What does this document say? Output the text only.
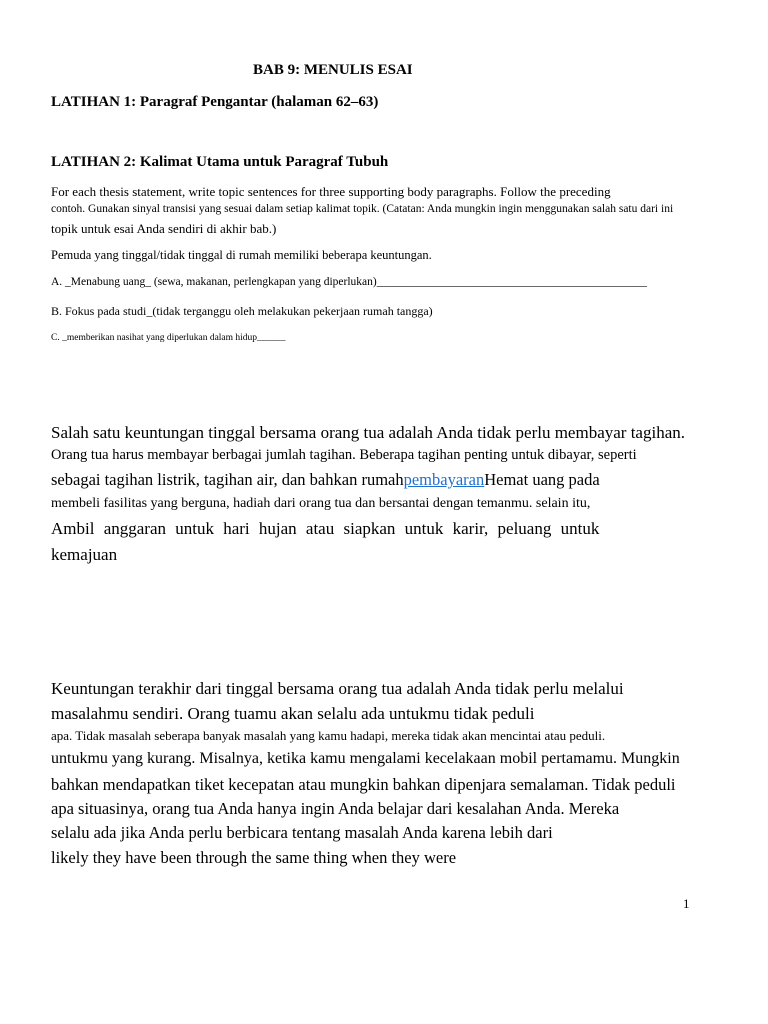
BAB 9: MENULIS ESAI
LATIHAN 1: Paragraf Pengantar (halaman 62–63)
LATIHAN 2: Kalimat Utama untuk Paragraf Tubuh
For each thesis statement, write topic sentences for three supporting body paragraphs. Follow the preceding
contoh. Gunakan sinyal transisi yang sesuai dalam setiap kalimat topik. (Catatan: Anda mungkin ingin menggunakan salah satu dari ini
topik untuk esai Anda sendiri di akhir bab.)
Pemuda yang tinggal/tidak tinggal di rumah memiliki beberapa keuntungan.
A. _Menabung uang_ (sewa, makanan, perlengkapan yang diperlukan)_______________________________________________
B. Fokus pada studi_(tidak terganggu oleh melakukan pekerjaan rumah tangga)
C. _memberikan nasihat yang diperlukan dalam hidup______
Salah satu keuntungan tinggal bersama orang tua adalah Anda tidak perlu membayar tagihan.
Orang tua harus membayar berbagai jumlah tagihan. Beberapa tagihan penting untuk dibayar, seperti
sebagai tagihan listrik, tagihan air, dan bahkan rumahpembayaranHemat uang pada
membeli fasilitas yang berguna, hadiah dari orang tua dan bersantai dengan temanmu. selain itu,
Ambil anggaran untuk hari hujan atau siapkan untuk karir, peluang untuk
kemajuan
Keuntungan terakhir dari tinggal bersama orang tua adalah Anda tidak perlu melalui
masalahmu sendiri. Orang tuamu akan selalu ada untukmu tidak peduli
apa. Tidak masalah seberapa banyak masalah yang kamu hadapi, mereka tidak akan mencintai atau peduli.
untukmu yang kurang. Misalnya, ketika kamu mengalami kecelakaan mobil pertamamu. Mungkin
bahkan mendapatkan tiket kecepatan atau mungkin bahkan dipenjara semalaman. Tidak peduli
apa situasinya, orang tua Anda hanya ingin Anda belajar dari kesalahan Anda. Mereka
selalu ada jika Anda perlu berbicara tentang masalah Anda karena lebih dari
likely they have been through the same thing when they were
1
